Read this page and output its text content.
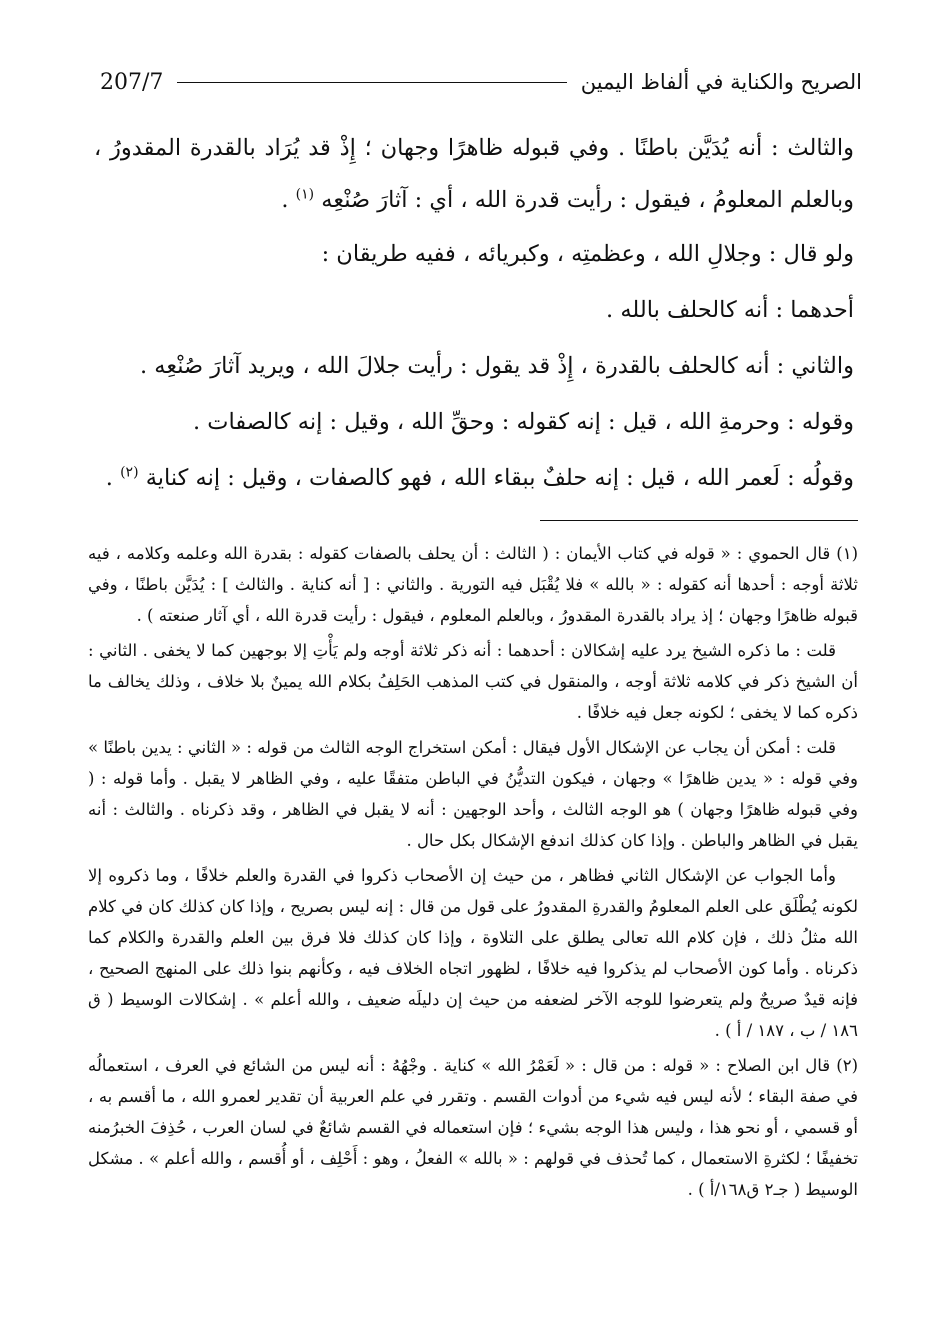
الصريح والكناية في ألفاظ اليمين
207/7

والثالث : أنه يُدَيَّن باطنًا . وفي قبوله ظاهرًا وجهان ؛ إِذْ قد يُرَاد بالقدرة المقدورُ ، وبالعلم المعلومُ ، فيقول : رأيت قدرة الله ، أي : آثارَ صُنْعِه $^{(١)}$ .

ولو قال : وجلالِ الله ، وعظمتِه ، وكبريائه ، ففيه طريقان :

أحدهما : أنه كالحلف بالله .

والثاني : أنه كالحلف بالقدرة ، إِذْ قد يقول : رأيت جلالَ الله ، ويريد آثارَ صُنْعِه .

وقوله : وحرمةِ الله ، قيل : إنه كقوله : وحقِّ الله ، وقيل : إنه كالصفات .

وقولُه : لَعمر الله ، قيل : إنه حلفٌ ببقاء الله ، فهو كالصفات ، وقيل : إنه كناية $^{(٢)}$ .

(١) قال الحموي : « قوله في كتاب الأيمان : ( الثالث : أن يحلف بالصفات كقوله : بقدرة الله وعلمه وكلامه ، فيه ثلاثة أوجه : أحدها أنه كقوله : « بالله » فلا يُقْبَل فيه التورية . والثاني : [ أنه كناية . والثالث ] : يُدَيَّن باطنًا ، وفي قبوله ظاهرًا وجهان ؛ إذ يراد بالقدرة المقدورُ ، وبالعلم المعلوم ، فيقول : رأيت قدرة الله ، أي آثار صنعته ) .

قلت : ما ذكره الشيخ يرد عليه إشكالان : أحدهما : أنه ذكر ثلاثة أوجه ولم يَأْتِ إلا بوجهين كما لا يخفى . الثاني : أن الشيخ ذكر في كلامه ثلاثة أوجه ، والمنقول في كتب المذهب الحَلِفُ بكلام الله يمينٌ بلا خلاف ، وذلك يخالف ما ذكره كما لا يخفى ؛ لكونه جعل فيه خلافًا .

قلت : أمكن أن يجاب عن الإشكال الأول فيقال : أمكن استخراج الوجه الثالث من قوله : « الثاني : يدين باطنًا » وفي قوله : « يدين ظاهرًا » وجهان ، فيكون التديُّنُ في الباطن متفقًا عليه ، وفي الظاهر لا يقبل . وأما قوله : ( وفي قبوله ظاهرًا وجهان ) هو الوجه الثالث ، وأحد الوجهين : أنه لا يقبل في الظاهر ، وقد ذكرناه . والثالث : أنه يقبل في الظاهر والباطن . وإذا كان كذلك اندفع الإشكال بكل حال .

وأما الجواب عن الإشكال الثاني فظاهر ، من حيث إن الأصحاب ذكروا في القدرة والعلم خلافًا ، وما ذكروه إلا لكونه يُطْلَق على العلم المعلومُ والقدرةِ المقدورُ على قول من قال : إنه ليس بصريح ، وإذا كان كذلك كان في كلام الله مثلُ ذلك ، فإن كلام الله تعالى يطلق على التلاوة ، وإذا كان كذلك فلا فرق بين العلم والقدرة والكلام كما ذكرناه . وأما كون الأصحاب لم يذكروا فيه خلافًا ، لظهور اتجاه الخلاف فيه ، وكأنهم بنوا ذلك على المنهج الصحيح ، فإنه قيدٌ صريحٌ ولم يتعرضوا للوجه الآخر لضعفه من حيث إن دليلَه ضعيف ، والله أعلم » . إشكالات الوسيط ( ق ١٨٦ / ب ، ١٨٧ / أ ) .

(٢) قال ابن الصلاح : « قوله : من قال : « لَعَمْرُ الله » كناية . وجْهُهُ : أنه ليس من الشائع في العرف ، استعمالُه في صفة البقاء ؛ لأنه ليس فيه شيء من أدوات القسم . وتقرر في علم العربية أن تقدير لعمرو الله ، ما أقسم به ، أو قسمي ، أو نحو هذا ، وليس هذا الوجه بشيء ؛ فإن استعماله في القسم شائعٌ في لسان العرب ، حُذِفَ الخبرُمنه تخفيفًا ؛ لكثرةِ الاستعمال ، كما تُحذف في قولهم : « بالله » الفعلُ ، وهو : أَحْلِف ، أو أُقسم ، والله أعلم » . مشكل الوسيط ( جـ٢ ق١٦٨/أ ) .
